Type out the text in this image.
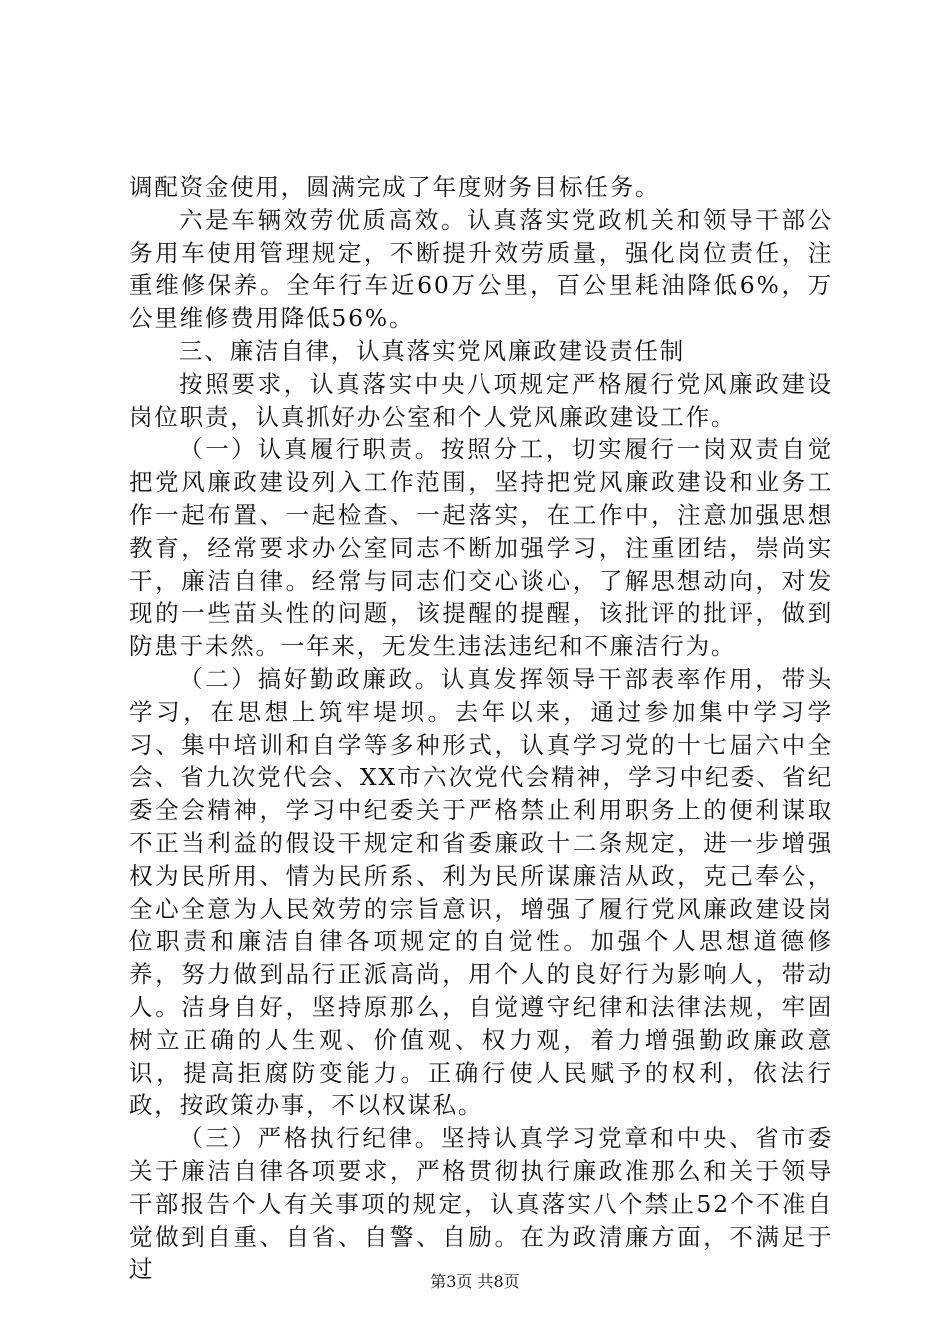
调配资金使用，圆满完成了年度财务目标任务。

六是车辆效劳优质高效。认真落实党政机关和领导干部公务用车使用管理规定，不断提升效劳质量，强化岗位责任，注重维修保养。全年行车近60万公里，百公里耗油降低6%，万公里维修费用降低56%。

三、廉洁自律，认真落实党风廉政建设责任制

按照要求，认真落实中央八项规定严格履行党风廉政建设岗位职责，认真抓好办公室和个人党风廉政建设工作。

（一）认真履行职责。按照分工，切实履行一岗双责自觉把党风廉政建设列入工作范围，坚持把党风廉政建设和业务工作一起布置、一起检查、一起落实，在工作中，注意加强思想教育，经常要求办公室同志不断加强学习，注重团结，崇尚实干，廉洁自律。经常与同志们交心谈心，了解思想动向，对发现的一些苗头性的问题，该提醒的提醒，该批评的批评，做到防患于未然。一年来，无发生违法违纪和不廉洁行为。

（二）搞好勤政廉政。认真发挥领导干部表率作用，带头学习，在思想上筑牢堤坝。去年以来，通过参加集中学习学习、集中培训和自学等多种形式，认真学习党的十七届六中全会、省九次党代会、XX市六次党代会精神，学习中纪委、省纪委全会精神，学习中纪委关于严格禁止利用职务上的便利谋取不正当利益的假设干规定和省委廉政十二条规定，进一步增强权为民所用、情为民所系、利为民所谋廉洁从政，克己奉公，全心全意为人民效劳的宗旨意识，增强了履行党风廉政建设岗位职责和廉洁自律各项规定的自觉性。加强个人思想道德修养，努力做到品行正派高尚，用个人的良好行为影响人，带动人。洁身自好，坚持原那么，自觉遵守纪律和法律法规，牢固树立正确的人生观、价值观、权力观，着力增强勤政廉政意识，提高拒腐防变能力。正确行使人民赋予的权利，依法行政，按政策办事，不以权谋私。

（三）严格执行纪律。坚持认真学习党章和中央、省市委关于廉洁自律各项要求，严格贯彻执行廉政准那么和关于领导干部报告个人有关事项的规定，认真落实八个禁止52个不准自觉做到自重、自省、自警、自励。在为政清廉方面，不满足于过	第3页 共8页
